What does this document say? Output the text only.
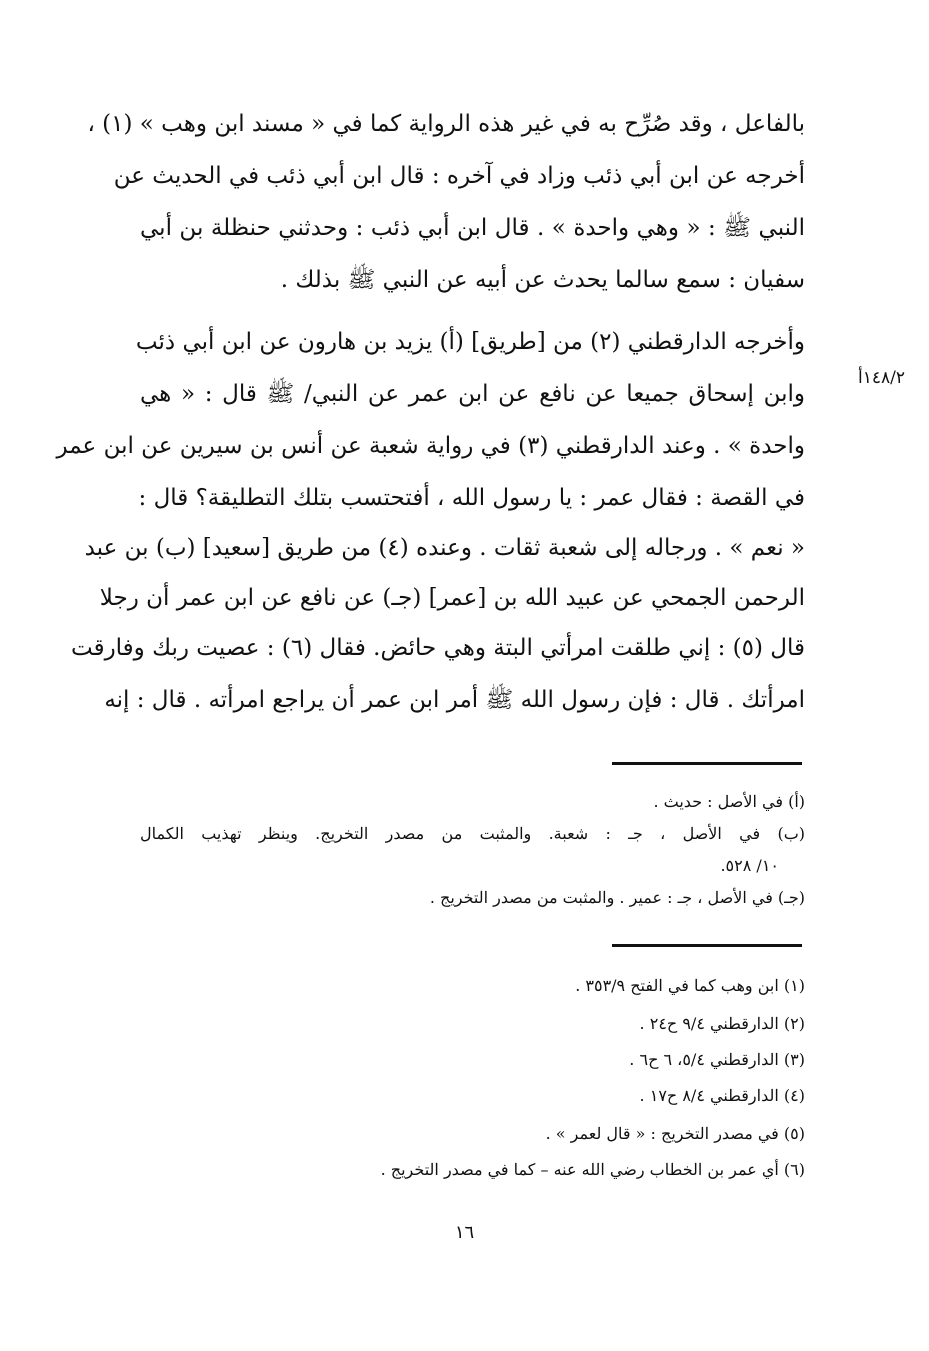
بالفاعل ، وقد صُرِّح به في غير هذه الرواية كما في « مسند ابن وهب » (١) ،
أخرجه عن ابن أبي ذئب وزاد في آخره : قال ابن أبي ذئب في الحديث عن
النبي ﷺ : « وهي واحدة » . قال ابن أبي ذئب : وحدثني حنظلة بن أبي
سفيان : سمع سالما يحدث عن أبيه عن النبي ﷺ بذلك .
وأخرجه الدارقطني (٢) من [طريق] (أ) يزيد بن هارون عن ابن أبي ذئب
وابن إسحاق جميعا عن نافع عن ابن عمر عن النبي/ ﷺ قال : « هي
واحدة » . وعند الدارقطني (٣) في رواية شعبة عن أنس بن سيرين عن ابن عمر
في القصة : فقال عمر : يا رسول الله ، أفتحتسب بتلك التطليقة؟ قال :
« نعم » . ورجاله إلى شعبة ثقات . وعنده (٤) من طريق [سعيد] (ب) بن عبد
الرحمن الجمحي عن عبيد الله بن [عمر] (جـ) عن نافع عن ابن عمر أن رجلا
قال (٥) : إني طلقت امرأتي البتة وهي حائض. فقال (٦) : عصيت ربك وفارقت
امرأتك . قال : فإن رسول الله ﷺ أمر ابن عمر أن يراجع امرأته . قال : إنه
١٤٨/٢أ
(أ) في الأصل : حديث .
(ب) في الأصل ، جـ : شعبة. والمثبت من مصدر التخريج. وينظر تهذيب الكمال
١٠/ ٥٢٨.
(جـ) في الأصل ، جـ : عمير . والمثبت من مصدر التخريج .
(١) ابن وهب كما في الفتح ٣٥٣/٩ .
(٢) الدارقطني ٩/٤ ح٢٤ .
(٣) الدارقطني ٥/٤، ٦ ح٦ .
(٤) الدارقطني ٨/٤ ح١٧ .
(٥) في مصدر التخريج : « قال لعمر » .
(٦) أي عمر بن الخطاب رضي الله عنه – كما في مصدر التخريج .
١٦
